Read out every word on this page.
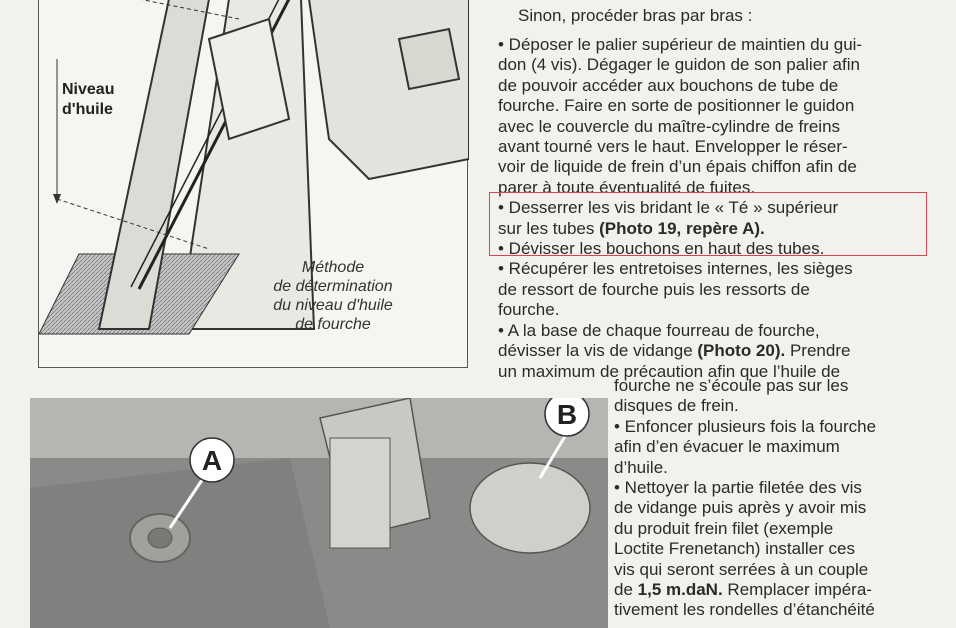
Niveau
d'huile
Méthode
de détermination
du niveau d'huile
de fourche
A
B
Sinon, procéder bras par bras :

• Déposer le palier supérieur de maintien du gui-

don (4 vis). Dégager le guidon de son palier afin

de pouvoir accéder aux bouchons de tube de

fourche. Faire en sorte de positionner le guidon

avec le couvercle du maître-cylindre de freins

avant tourné vers le haut. Envelopper le réser-

voir de liquide de frein d’un épais chiffon afin de

parer à toute éventualité de fuites.

• Desserrer les vis bridant le « Té » supérieur

sur les tubes (Photo 19, repère A).

• Dévisser les bouchons en haut des tubes.

• Récupérer les entretoises internes, les sièges

de ressort de fourche puis les ressorts de

fourche.

• A la base de chaque fourreau de fourche,

dévisser la vis de vidange (Photo 20). Prendre

un maximum de précaution afin que l’huile de

fourche ne s’écoule pas sur les

disques de frein.

• Enfoncer plusieurs fois la fourche

afin d’en évacuer le maximum

d’huile.

• Nettoyer la partie filetée des vis

de vidange puis après y avoir mis

du produit frein filet (exemple

Loctite Frenetanch) installer ces

vis qui seront serrées à un couple

de 1,5 m.daN. Remplacer impéra-

tivement les rondelles d’étanchéité
